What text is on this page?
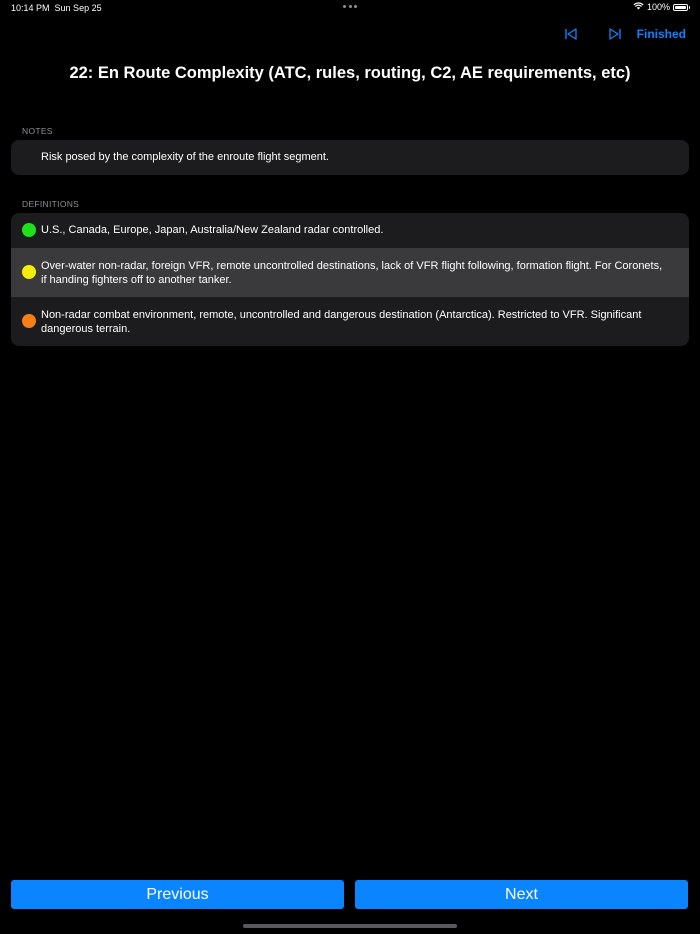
10:14 PM Sun Sep 25	100%
Finished
22: En Route Complexity (ATC, rules, routing, C2, AE requirements, etc)
NOTES
Risk posed by the complexity of the enroute flight segment.
DEFINITIONS
U.S., Canada, Europe, Japan, Australia/New Zealand radar controlled.
Over-water non-radar, foreign VFR, remote uncontrolled destinations, lack of VFR flight following, formation flight. For Coronets, if handing fighters off to another tanker.
Non-radar combat environment, remote, uncontrolled and dangerous destination (Antarctica). Restricted to VFR. Significant dangerous terrain.
Previous	Next
